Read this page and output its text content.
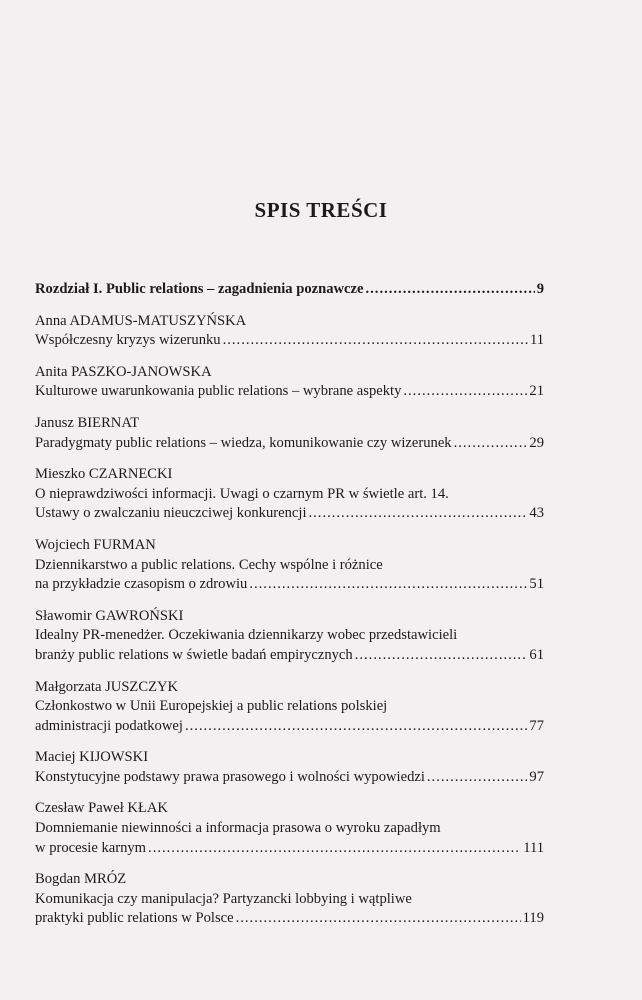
SPIS TREŚCI
Rozdział I. Public relations – zagadnienia poznawcze .....	9
Anna ADAMUS-MATUSZYŃSKA
Współczesny kryzys wizerunku .....	11
Anita PASZKO-JANOWSKA
Kulturowe uwarunkowania public relations – wybrane aspekty .....	21
Janusz BIERNAT
Paradygmaty public relations – wiedza, komunikowanie czy wizerunek .....	29
Mieszko CZARNECKI
O nieprawdziwości informacji. Uwagi o czarnym PR w świetle art. 14.
Ustawy o zwalczaniu nieuczciwej konkurencji .....	43
Wojciech FURMAN
Dziennikarstwo a public relations. Cechy wspólne i różnice
na przykładzie czasopism o zdrowiu .....	51
Sławomir GAWROŃSKI
Idealny PR-menedżer. Oczekiwania dziennikarzy wobec przedstawicieli
branży public relations w świetle badań empirycznych .....	61
Małgorzata JUSZCZYK
Członkostwo w Unii Europejskiej a public relations polskiej
administracji podatkowej .....	77
Maciej KIJOWSKI
Konstytucyjne podstawy prawa prasowego i wolności wypowiedzi .....	97
Czesław Paweł KŁAK
Domniemanie niewinności a informacja prasowa o wyroku zapadłym
w procesie karnym .....	111
Bogdan MRÓZ
Komunikacja czy manipulacja? Partyzancki lobbying i wątpliwe
praktyki public relations w Polsce .....	119
